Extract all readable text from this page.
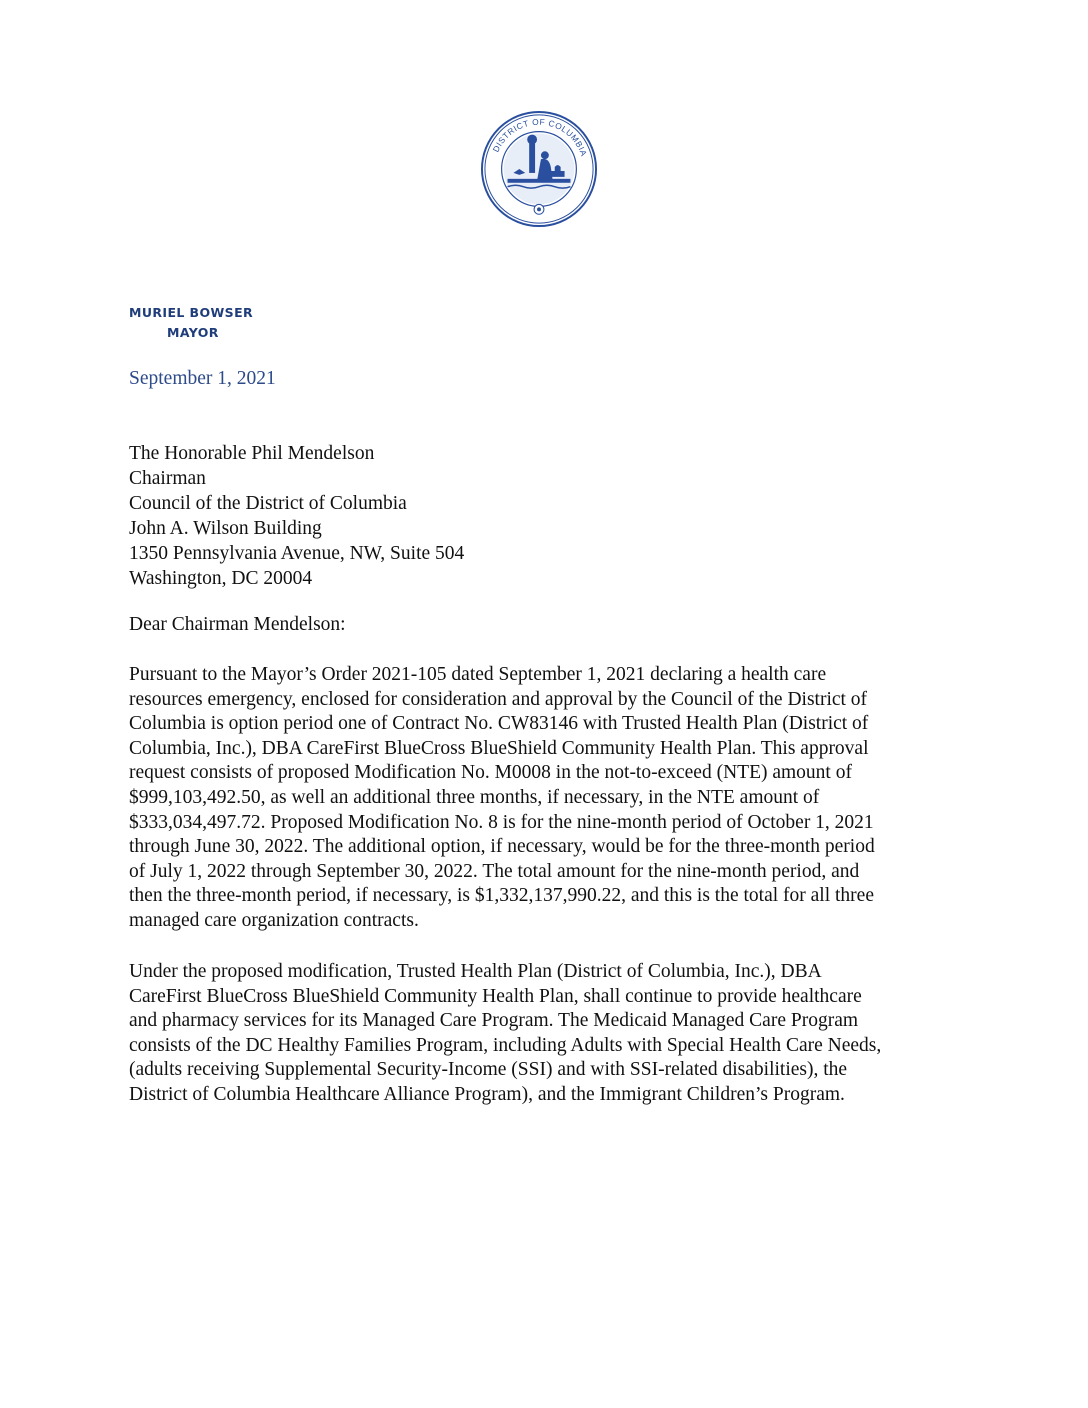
DISTRICT OF COLUMBIA
MURIEL BOWSER
MAYOR
September 1, 2021
The Honorable Phil Mendelson
Chairman
Council of the District of Columbia
John A. Wilson Building
1350 Pennsylvania Avenue, NW, Suite 504
Washington, DC 20004
Dear Chairman Mendelson:
Pursuant to the Mayor’s Order 2021-105 dated September 1, 2021 declaring a health care
resources emergency, enclosed for consideration and approval by the Council of the District of
Columbia is option period one of Contract No. CW83146 with Trusted Health Plan (District of
Columbia, Inc.), DBA CareFirst BlueCross BlueShield Community Health Plan. This approval
request consists of proposed Modification No. M0008 in the not-to-exceed (NTE) amount of
$999,103,492.50, as well an additional three months, if necessary, in the NTE amount of
$333,034,497.72. Proposed Modification No. 8 is for the nine-month period of October 1, 2021
through June 30, 2022. The additional option, if necessary, would be for the three-month period
of July 1, 2022 through September 30, 2022. The total amount for the nine-month period, and
then the three-month period, if necessary, is $1,332,137,990.22, and this is the total for all three
managed care organization contracts.
Under the proposed modification, Trusted Health Plan (District of Columbia, Inc.), DBA
CareFirst BlueCross BlueShield Community Health Plan, shall continue to provide healthcare
and pharmacy services for its Managed Care Program. The Medicaid Managed Care Program
consists of the DC Healthy Families Program, including Adults with Special Health Care Needs,
(adults receiving Supplemental Security-Income (SSI) and with SSI-related disabilities), the
District of Columbia Healthcare Alliance Program), and the Immigrant Children’s Program.
